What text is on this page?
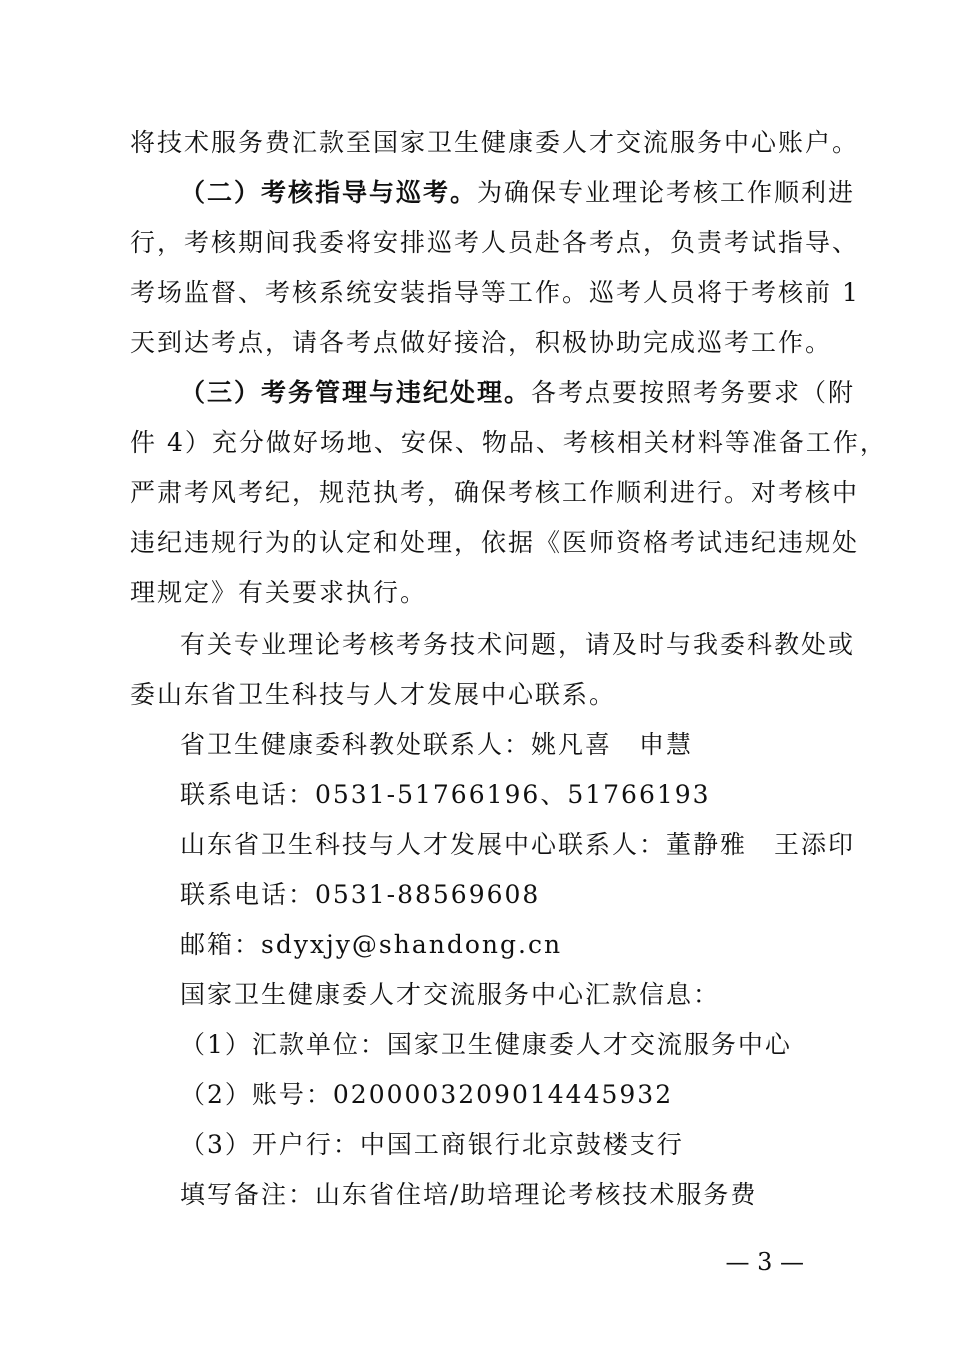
将技术服务费汇款至国家卫生健康委人才交流服务中心账户。
（二）考核指导与巡考。为确保专业理论考核工作顺利进
行，考核期间我委将安排巡考人员赴各考点，负责考试指导、
考场监督、考核系统安装指导等工作。巡考人员将于考核前 1
天到达考点，请各考点做好接洽，积极协助完成巡考工作。
（三）考务管理与违纪处理。各考点要按照考务要求（附
件 4）充分做好场地、安保、物品、考核相关材料等准备工作，
严肃考风考纪，规范执考，确保考核工作顺利进行。对考核中
违纪违规行为的认定和处理，依据《医师资格考试违纪违规处
理规定》有关要求执行。
有关专业理论考核考务技术问题，请及时与我委科教处或
委山东省卫生科技与人才发展中心联系。
省卫生健康委科教处联系人：姚凡喜　申慧
联系电话：0531-51766196、51766193
山东省卫生科技与人才发展中心联系人：董静雅　王添印
联系电话：0531-88569608
邮箱：sdyxjy@shandong.cn
国家卫生健康委人才交流服务中心汇款信息：
（1）汇款单位：国家卫生健康委人才交流服务中心
（2）账号：0200003209014445932
（3）开户行：中国工商银行北京鼓楼支行
填写备注：山东省住培/助培理论考核技术服务费
— 3 —
